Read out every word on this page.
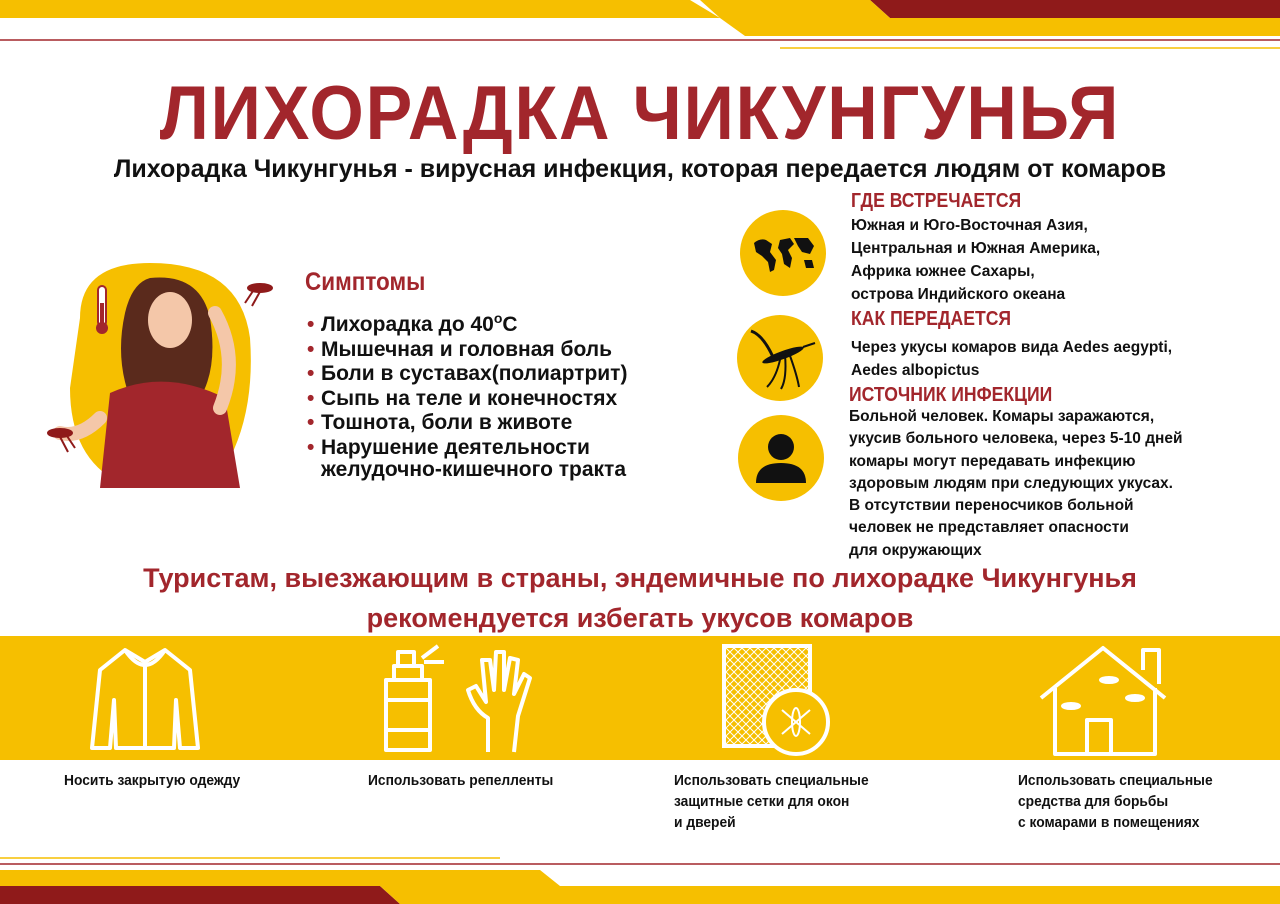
ЛИХОРАДКА ЧИКУНГУНЬЯ
Лихорадка Чикунгунья - вирусная инфекция, которая передается людям от комаров
Симптомы
• Лихорадка до $40^оС$
• Мышечная и головная боль
• Боли в суставах(полиартрит)
• Сыпь на теле и конечностях
• Тошнота, боли в животе
• Нарушение деятельности
желудочно-кишечного тракта
ГДЕ ВСТРЕЧАЕТСЯ
Южная и Юго-Восточная Азия,
Центральная и Южная Америка,
Африка южнее Сахары,
острова Индийского океана
КАК ПЕРЕДАЕТСЯ
Через укусы комаров вида Aedes aegypti,
Aedes albopictus
ИСТОЧНИК ИНФЕКЦИИ
Больной человек. Комары заражаются,
укусив больного человека, через 5-10 дней
комары могут передавать инфекцию
здоровым людям при следующих укусах.
В отсутствии переносчиков больной
человек не представляет опасности
для окружающих
Туристам, выезжающим в страны, эндемичные по лихорадке Чикунгунья
рекомендуется избегать укусов комаров
Носить закрытую одежду	Использовать репелленты	Использовать специальные
защитные сетки для окон
и дверей
Использовать специальные
средства для борьбы
с комарами в помещениях
